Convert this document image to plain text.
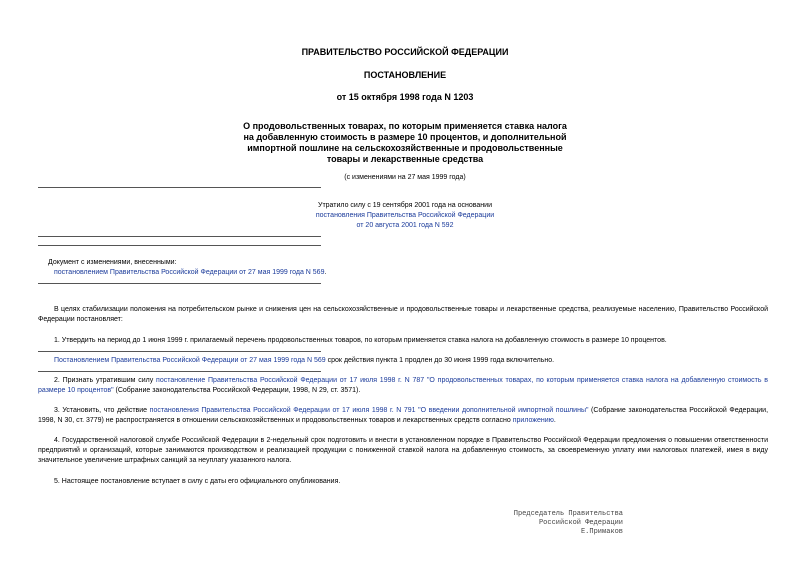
ПРАВИТЕЛЬСТВО РОССИЙСКОЙ ФЕДЕРАЦИИ
ПОСТАНОВЛЕНИЕ
от 15 октября 1998 года N 1203
О продовольственных товарах, по которым применяется ставка налога
на добавленную стоимость в размере 10 процентов, и дополнительной
импортной пошлине на сельскохозяйственные и продовольственные
товары и лекарственные средства
(с изменениями на 27 мая 1999 года)
Утратило силу с 19 сентября 2001 года на основании
постановления Правительства Российской Федерации
от 20 августа 2001 года N 592
Документ с изменениями, внесенными:
постановлением Правительства Российской Федерации от 27 мая 1999 года N 569.
В целях стабилизации положения на потребительском рынке и снижения цен на сельскохозяйственные и продовольственные товары и лекарственные средства, реализуемые населению, Правительство Российской Федерации постановляет:
1. Утвердить на период до 1 июня 1999 г. прилагаемый перечень продовольственных товаров, по которым применяется ставка налога на добавленную стоимость в размере 10 процентов.
Постановлением Правительства Российской Федерации от 27 мая 1999 года N 569 срок действия пункта 1 продлен до 30 июня 1999 года включительно.
2. Признать утратившим силу постановление Правительства Российской Федерации от 17 июля 1998 г. N 787 "О продовольственных товарах, по которым применяется ставка налога на добавленную стоимость в размере 10 процентов" (Собрание законодательства Российской Федерации, 1998, N 29, ст. 3571).
3. Установить, что действие постановления Правительства Российской Федерации от 17 июля 1998 г. N 791 "О введении дополнительной импортной пошлины" (Собрание законодательства Российской Федерации, 1998, N 30, ст. 3779) не распространяется в отношении сельскохозяйственных и продовольственных товаров и лекарственных средств согласно приложению.
4. Государственной налоговой службе Российской Федерации в 2-недельный срок подготовить и внести в установленном порядке в Правительство Российской Федерации предложения о повышении ответственности предприятий и организаций, которые занимаются производством и реализацией продукции с пониженной ставкой налога на добавленную стоимость, за своевременную уплату ими налоговых платежей, имея в виду значительное увеличение штрафных санкций за неуплату указанного налога.
5. Настоящее постановление вступает в силу с даты его официального опубликования.
Председатель Правительства
Российской Федерации
Е.Примаков
